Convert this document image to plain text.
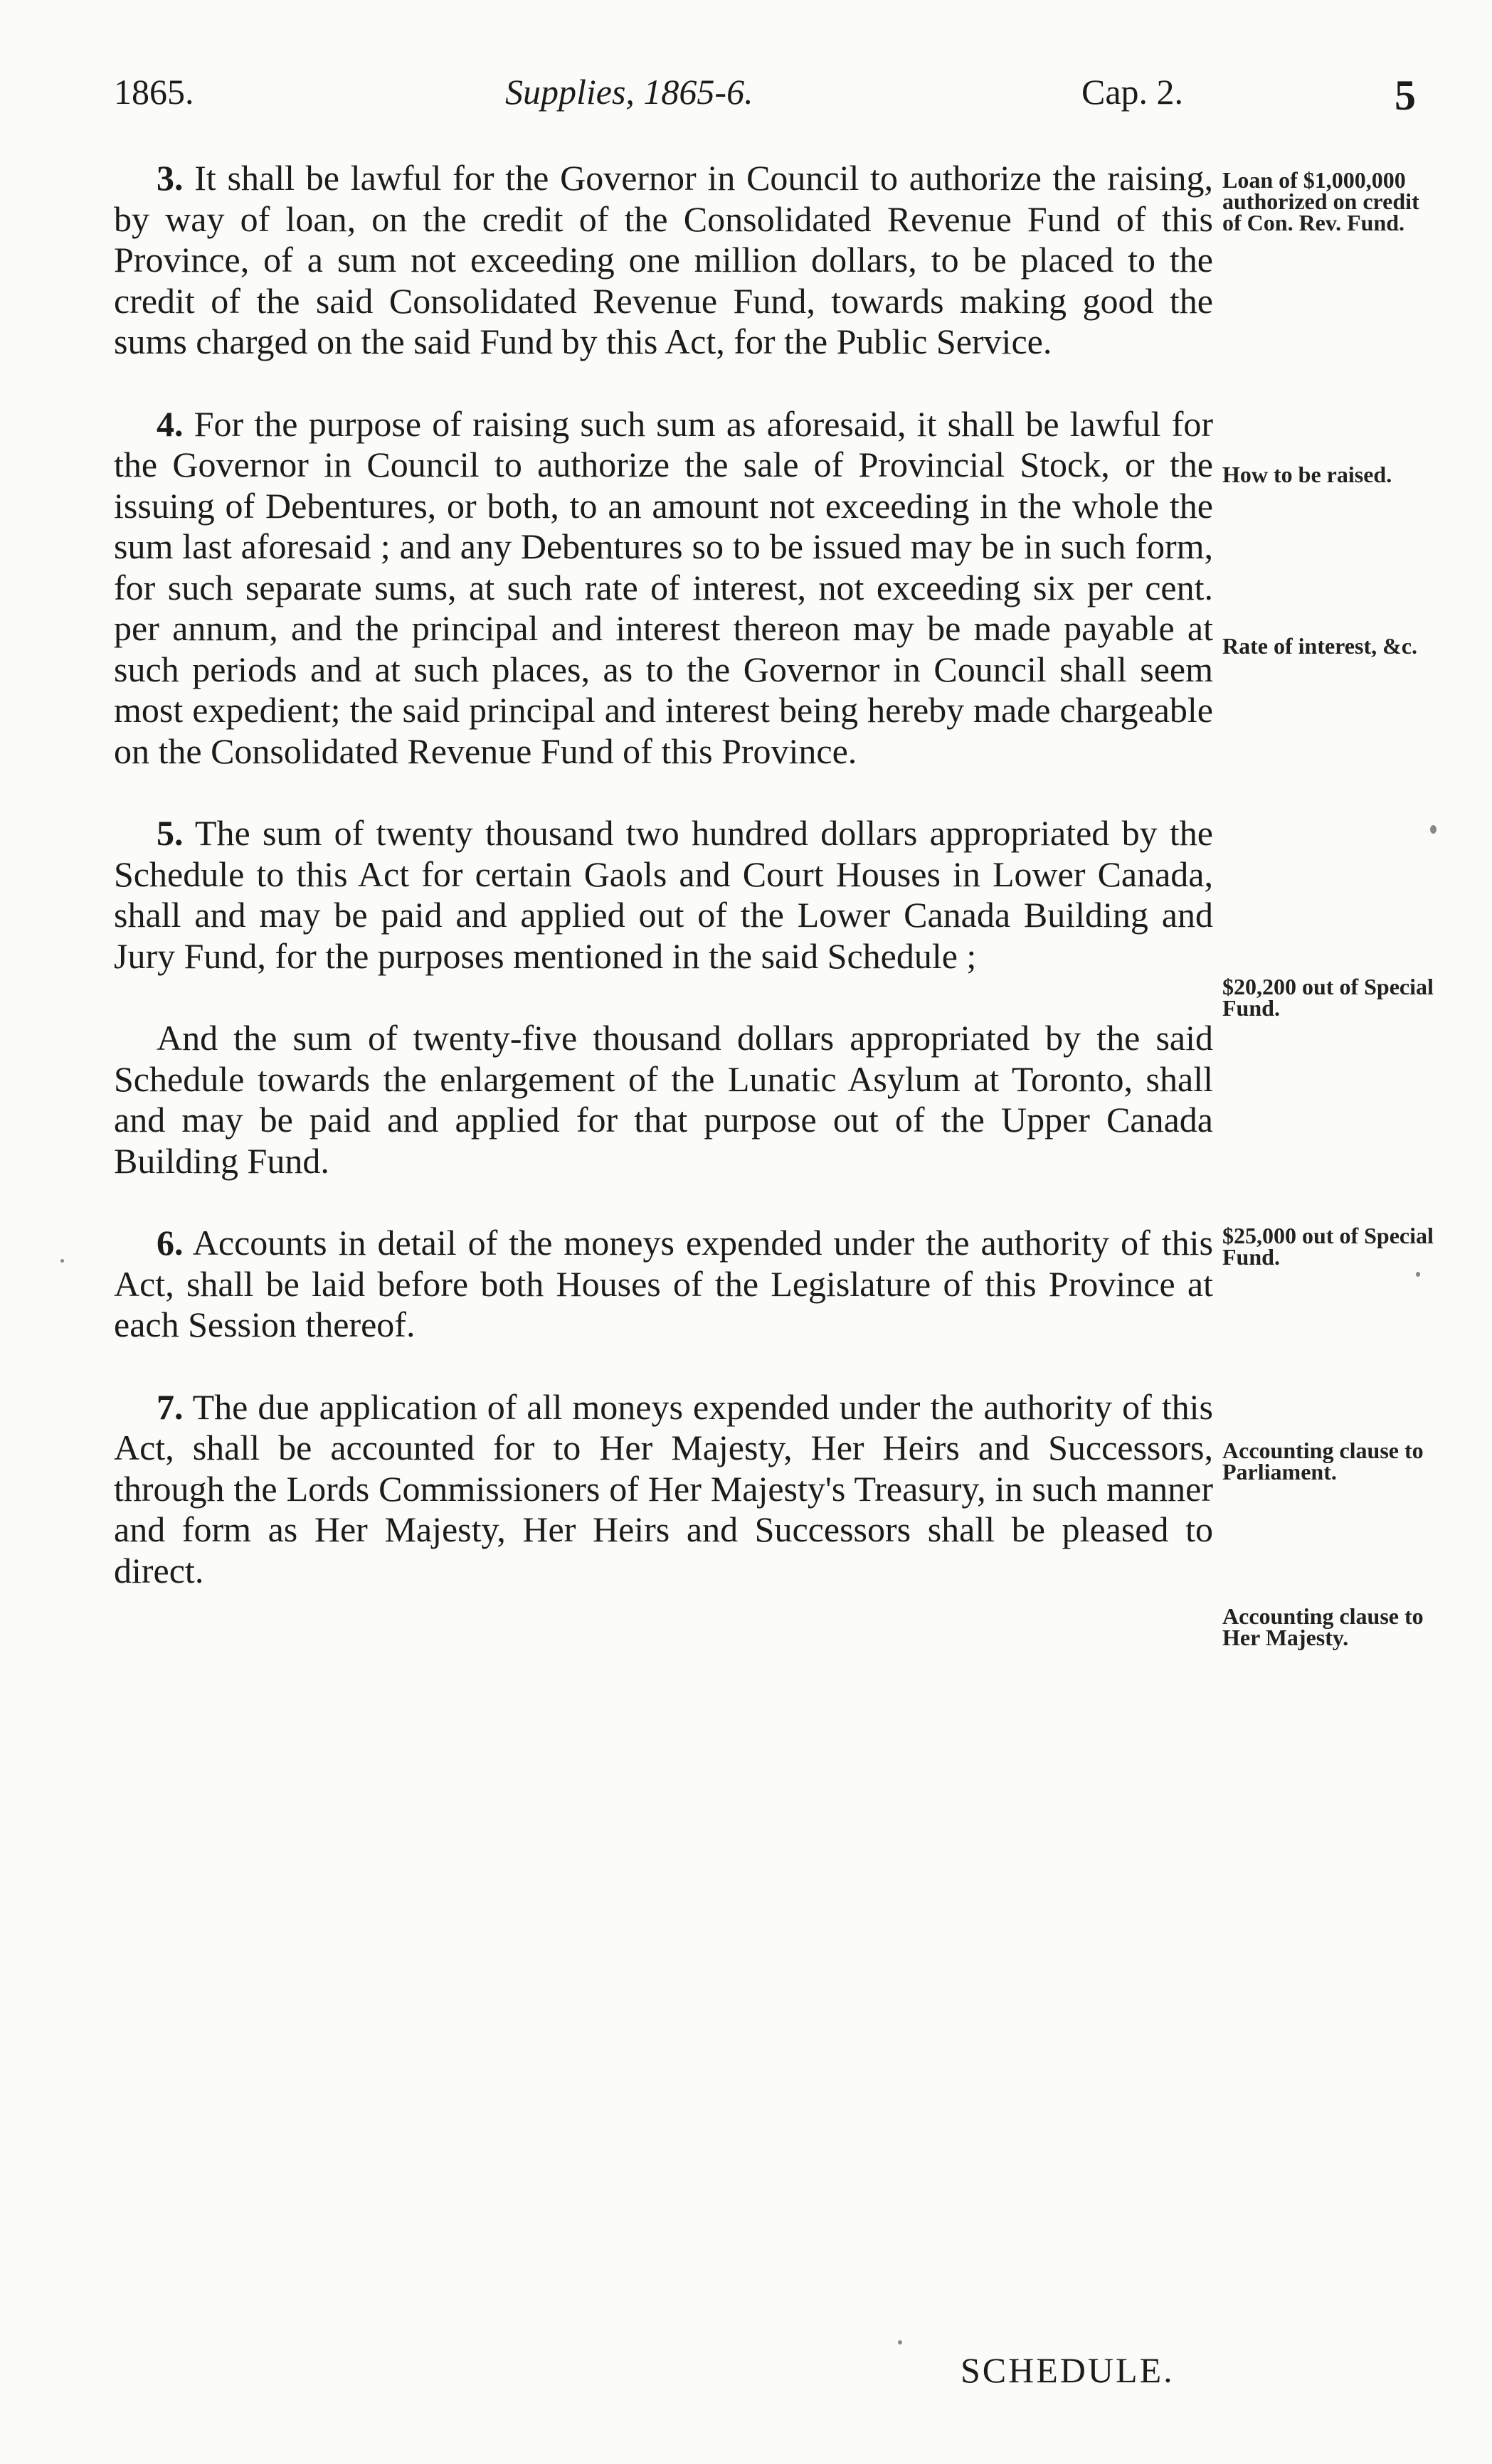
1865.	Supplies, 1865-6.	Cap. 2.	5

3. It shall be lawful for the Governor in Council to authorize the raising, by way of loan, on the credit of the Consolidated Revenue Fund of this Province, of a sum not exceeding one million dollars, to be placed to the credit of the said Consolidated Revenue Fund, towards making good the sums charged on the said Fund by this Act, for the Public Service.

4. For the purpose of raising such sum as aforesaid, it shall be lawful for the Governor in Council to authorize the sale of Provincial Stock, or the issuing of Debentures, or both, to an amount not exceeding in the whole the sum last aforesaid ; and any Debentures so to be issued may be in such form, for such separate sums, at such rate of interest, not exceeding six per cent. per annum, and the principal and interest thereon may be made payable at such periods and at such places, as to the Governor in Council shall seem most expedient; the said principal and interest being hereby made chargeable on the Consolidated Revenue Fund of this Province.

5. The sum of twenty thousand two hundred dollars appropriated by the Schedule to this Act for certain Gaols and Court Houses in Lower Canada, shall and may be paid and applied out of the Lower Canada Building and Jury Fund, for the purposes mentioned in the said Schedule ;

And the sum of twenty-five thousand dollars appropriated by the said Schedule towards the enlargement of the Lunatic Asylum at Toronto, shall and may be paid and applied for that purpose out of the Upper Canada Building Fund.

6. Accounts in detail of the moneys expended under the authority of this Act, shall be laid before both Houses of the Legislature of this Province at each Session thereof.

7. The due application of all moneys expended under the authority of this Act, shall be accounted for to Her Majesty, Her Heirs and Successors, through the Lords Commissioners of Her Majesty's Treasury, in such manner and form as Her Majesty, Her Heirs and Successors shall be pleased to direct.

Loan of $1,000,000 authorized on credit of Con. Rev. Fund.
How to be raised.
Rate of interest, &c.
$20,200 out of Special Fund.
$25,000 out of Special Fund.
Accounting clause to Parliament.
Accounting clause to Her Majesty.
SCHEDULE.
